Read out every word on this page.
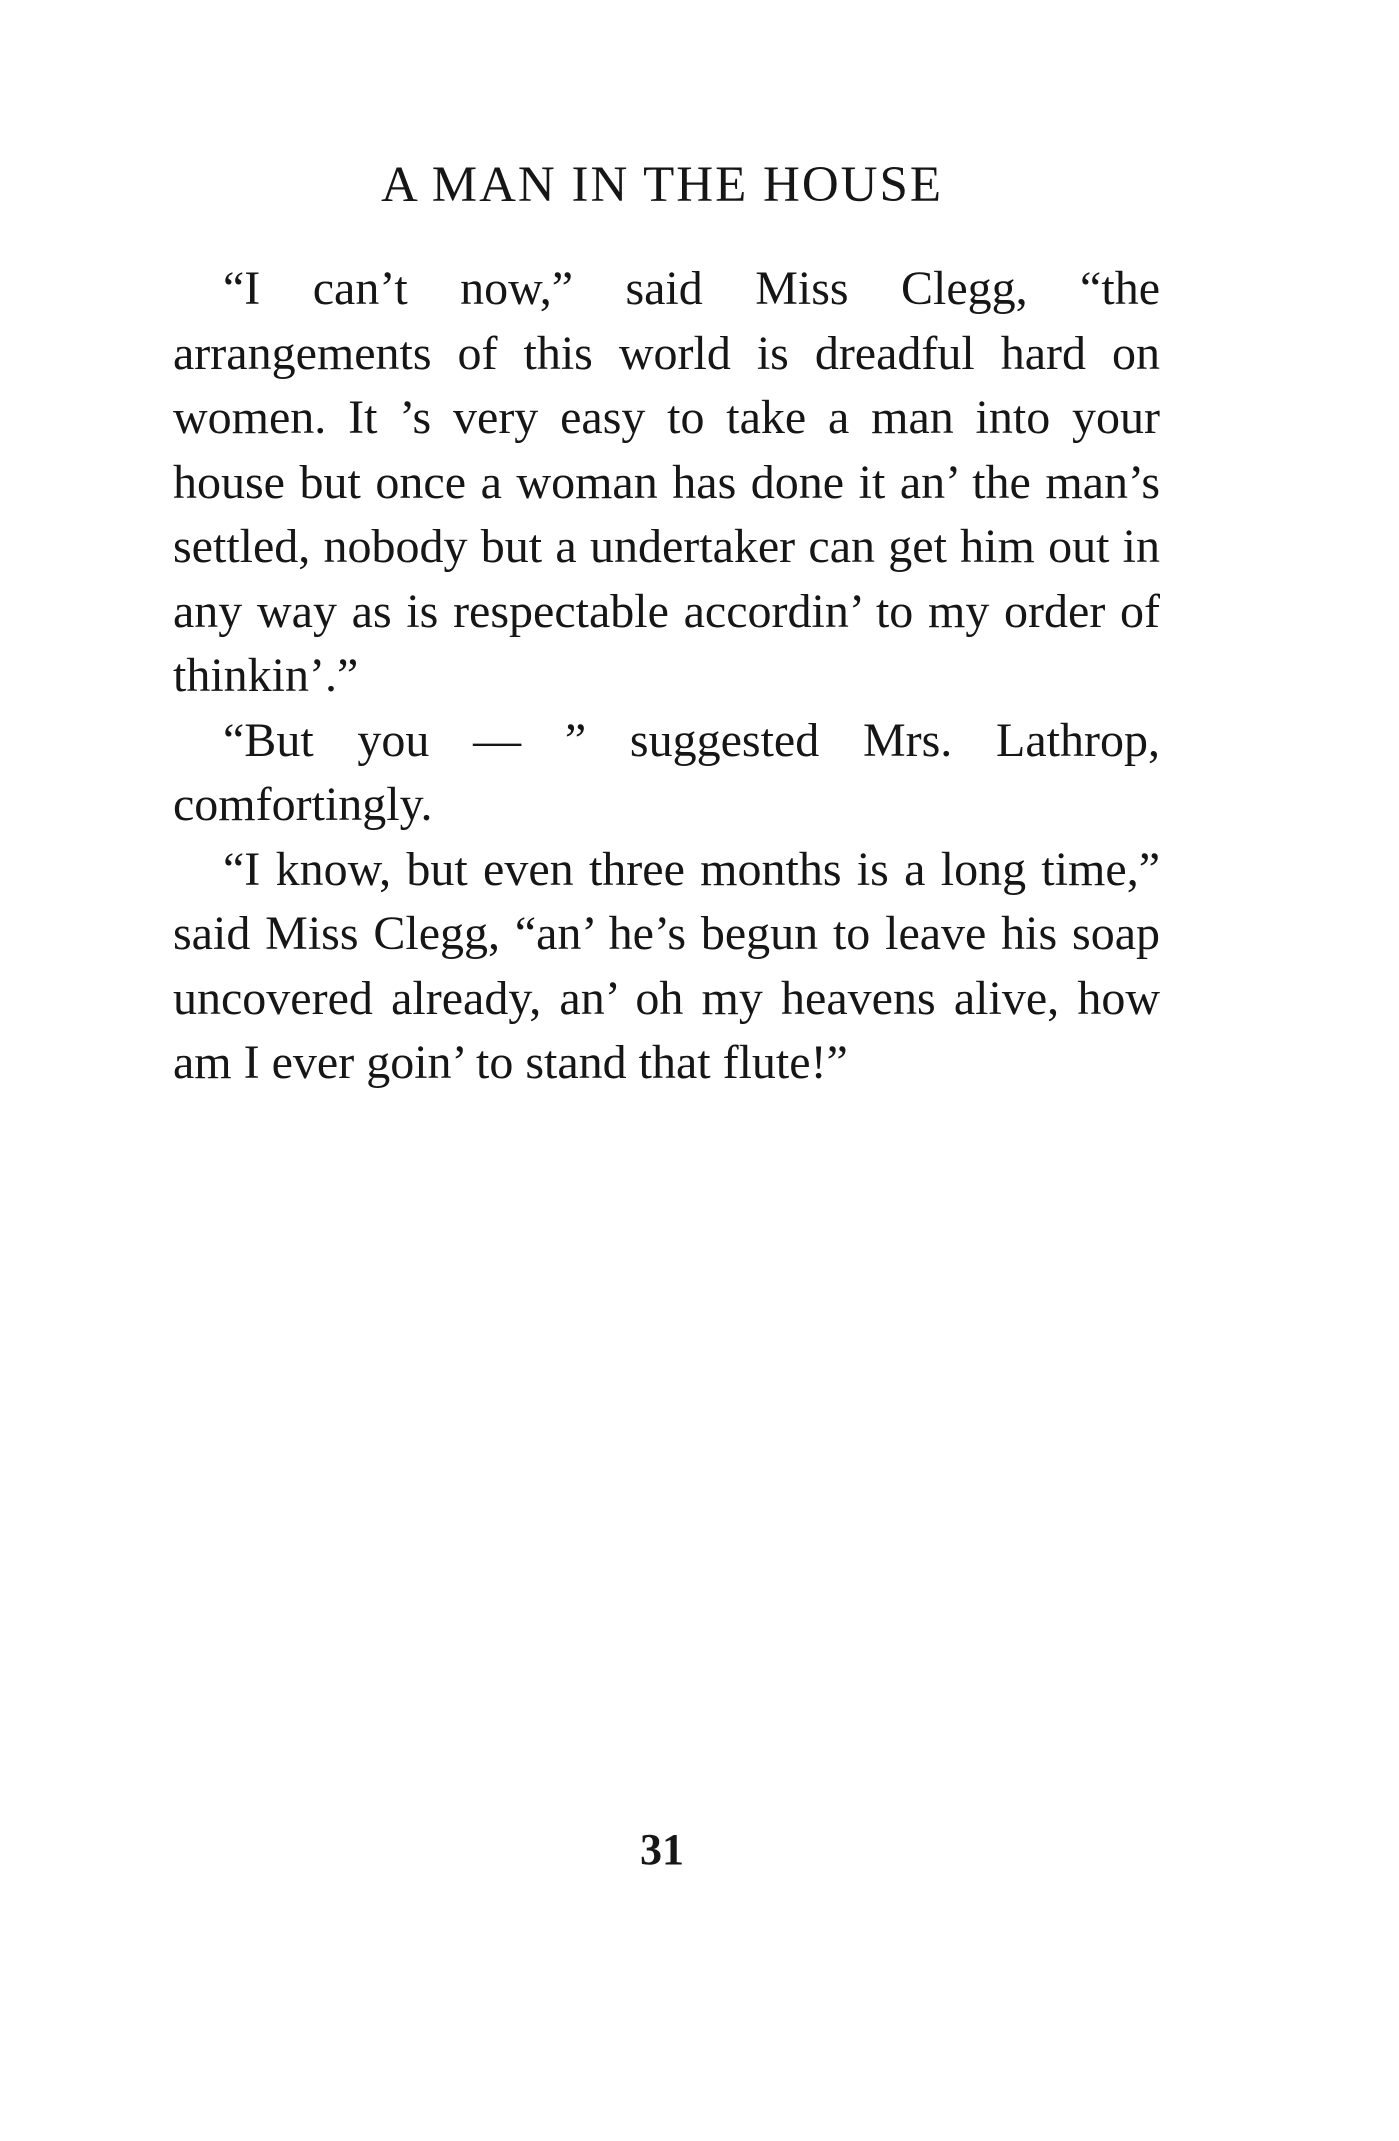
A MAN IN THE HOUSE

“I can’t now,” said Miss Clegg, “the arrangements of this world is dreadful hard on women. It ’s very easy to take a man into your house but once a woman has done it an’ the man’s settled, nobody but a undertaker can get him out in any way as is respectable accordin’ to my order of thinkin’.”

“But you — ” suggested Mrs. Lathrop, comfortingly.

“I know, but even three months is a long time,” said Miss Clegg, “an’ he’s begun to leave his soap uncovered already, an’ oh my heavens alive, how am I ever goin’ to stand that flute!”

31
